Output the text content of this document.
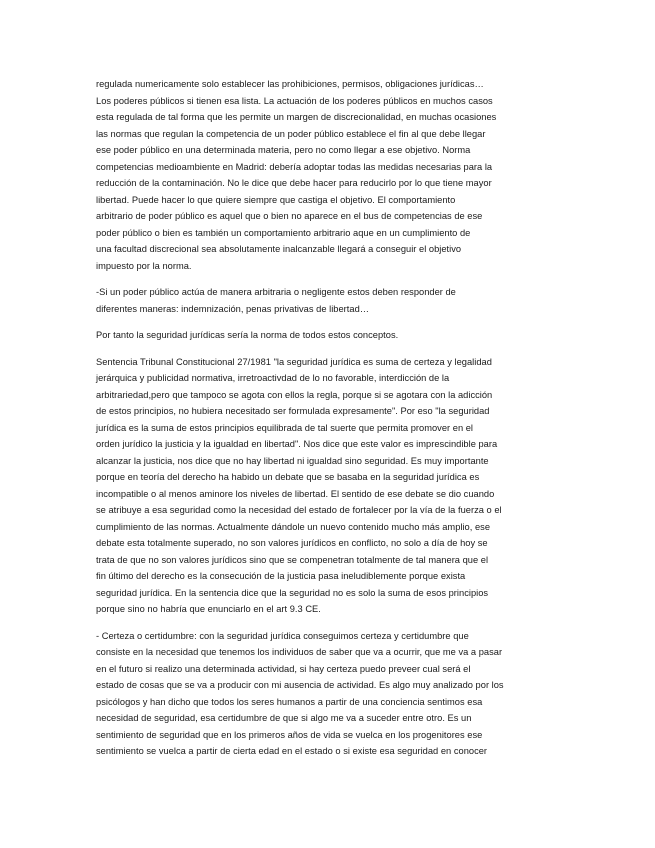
regulada numericamente solo establecer las prohibiciones, permisos, obligaciones jurídicas…
Los poderes públicos si tienen esa lista. La actuación de los poderes públicos en muchos casos
esta regulada de tal forma que les permite un margen de discrecionalidad, en muchas ocasiones
las normas que regulan la competencia de un poder público establece el fin al que debe llegar
ese poder público en una determinada materia, pero no como llegar a ese objetivo. Norma
competencias medioambiente en Madrid: debería adoptar todas las medidas necesarias para la
reducción de la contaminación. No le dice que debe hacer para reducirlo por lo que tiene mayor
libertad. Puede hacer lo que quiere siempre que castiga el objetivo. El comportamiento
arbitrario de poder público es aquel que o bien no aparece en el bus de competencias de ese
poder público o bien es también un comportamiento arbitrario aque en un cumplimiento de
una facultad discrecional sea absolutamente inalcanzable llegará a conseguir el objetivo
impuesto por la norma.

-Si un poder público actúa de manera arbitraria o negligente estos deben responder de
diferentes maneras: indemnización, penas privativas de libertad…

Por tanto la seguridad jurídicas sería la norma de todos estos conceptos.

Sentencia Tribunal Constitucional 27/1981 "la seguridad jurídica es suma de certeza y legalidad
jerárquica y publicidad normativa, irretroactivdad de lo no favorable, interdicción de la
arbitrariedad,pero que tampoco se agota con ellos la regla, porque si se agotara con la adicción
de estos principios, no hubiera necesitado ser formulada expresamente". Por eso "la seguridad
jurídica es la suma de estos principios equilibrada de tal suerte que permita promover en el
orden jurídico la justicia y la igualdad en libertad". Nos dice que este valor es imprescindible para
alcanzar la justicia, nos dice que no hay libertad ni igualdad sino seguridad. Es muy importante
porque en teoría del derecho ha habido un debate que se basaba en la seguridad jurídica es
incompatible o al menos aminore los niveles de libertad. El sentido de ese debate se dio cuando
se atribuye a esa seguridad como la necesidad del estado de fortalecer por la vía de la fuerza o el
cumplimiento de las normas. Actualmente dándole un nuevo contenido mucho más amplio, ese
debate esta totalmente superado, no son valores jurídicos en conflicto, no solo a día de hoy se
trata de que no son valores jurídicos sino que se compenetran totalmente de tal manera que el
fin último del derecho es la consecución de la justicia pasa ineludiblemente porque exista
seguridad jurídica. En la sentencia dice que la seguridad no es solo la suma de esos principios
porque sino no habría que enunciarlo en el art 9.3 CE.

- Certeza o certidumbre: con la seguridad jurídica conseguimos certeza y certidumbre que
consiste en la necesidad que tenemos los individuos de saber que va a ocurrir, que me va a pasar
en el futuro si realizo una determinada actividad, si hay certeza puedo preveer cual será el
estado de cosas que se va a producir con mi ausencia de actividad. Es algo muy analizado por los
psicólogos y han dicho que todos los seres humanos a partir de una conciencia sentimos esa
necesidad de seguridad, esa certidumbre de que si algo me va a suceder entre otro. Es un
sentimiento de seguridad que en los primeros años de vida se vuelca en los progenitores ese
sentimiento se vuelca a partir de cierta edad en el estado o si existe esa seguridad en conocer
